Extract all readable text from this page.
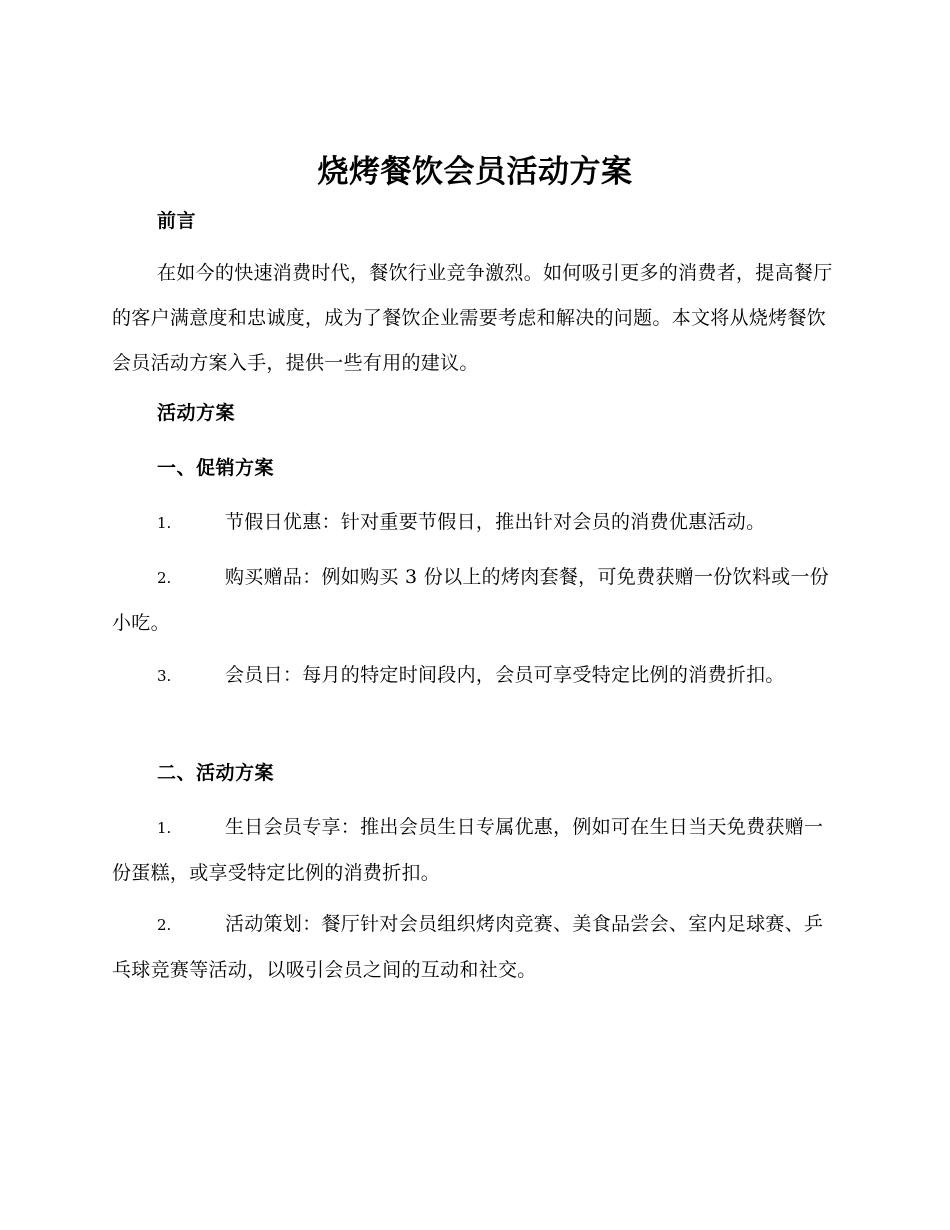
烧烤餐饮会员活动方案
前言

在如今的快速消费时代，餐饮行业竞争激烈。如何吸引更多的消费者，提高餐厅的客户满意度和忠诚度，成为了餐饮企业需要考虑和解决的问题。本文将从烧烤餐饮会员活动方案入手，提供一些有用的建议。

活动方案
一、促销方案

1.	节假日优惠：针对重要节假日，推出针对会员的消费优惠活动。

2.	购买赠品：例如购买 3 份以上的烤肉套餐，可免费获赠一份饮料或一份小吃。

3.	会员日：每月的特定时间段内，会员可享受特定比例的消费折扣。

二、活动方案

1.	生日会员专享：推出会员生日专属优惠，例如可在生日当天免费获赠一份蛋糕，或享受特定比例的消费折扣。

2.	活动策划：餐厅针对会员组织烤肉竞赛、美食品尝会、室内足球赛、乒乓球竞赛等活动，以吸引会员之间的互动和社交。
